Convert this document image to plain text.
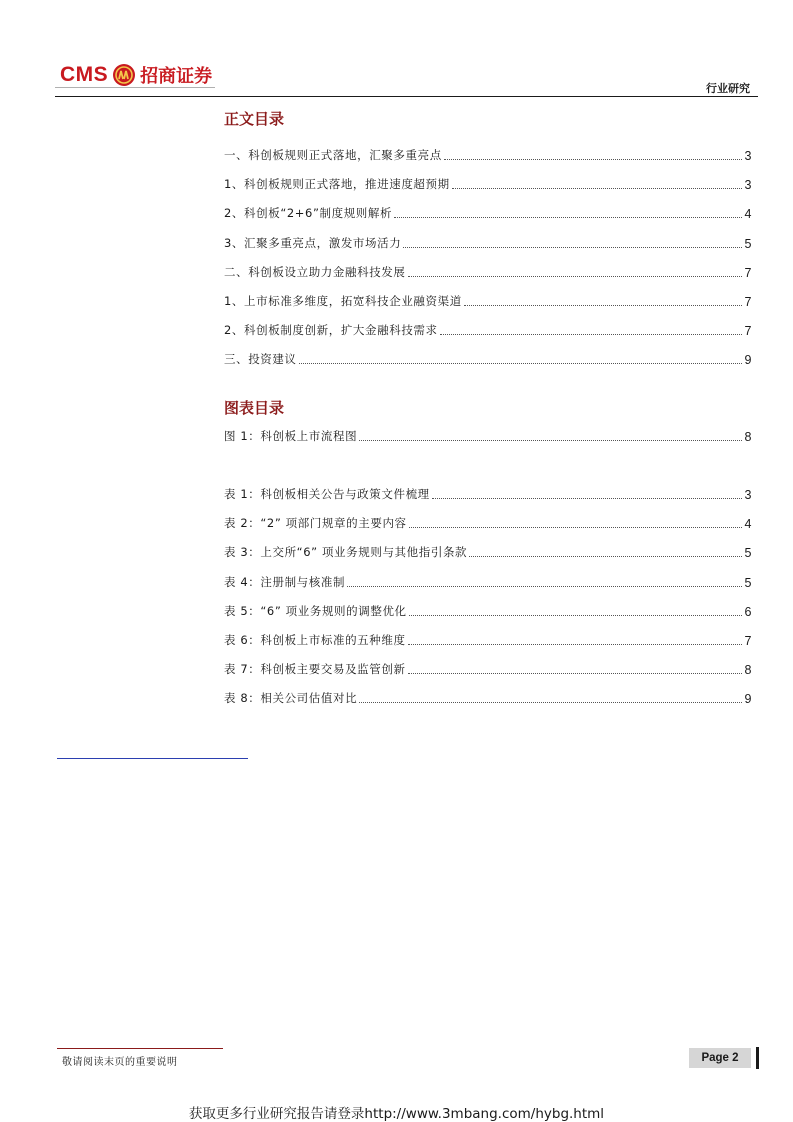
CMS 招商证券
行业研究
正文目录
一、科创板规则正式落地，汇聚多重亮点	3
1、科创板规则正式落地，推进速度超预期	3
2、科创板“2+6”制度规则解析	4
3、汇聚多重亮点，激发市场活力	5
二、科创板设立助力金融科技发展	7
1、上市标准多维度，拓宽科技企业融资渠道	7
2、科创板制度创新，扩大金融科技需求	7
三、投资建议	9
图表目录
图 1：科创板上市流程图	8
表 1：科创板相关公告与政策文件梳理	3
表 2：“2” 项部门规章的主要内容	4
表 3：上交所“6” 项业务规则与其他指引条款	5
表 4：注册制与核准制	5
表 5：“6” 项业务规则的调整优化	6
表 6：科创板上市标准的五种维度	7
表 7：科创板主要交易及监管创新	8
表 8：相关公司估值对比	9
敬请阅读末页的重要说明	Page 2
获取更多行业研究报告请登录http://www.3mbang.com/hybg.html
